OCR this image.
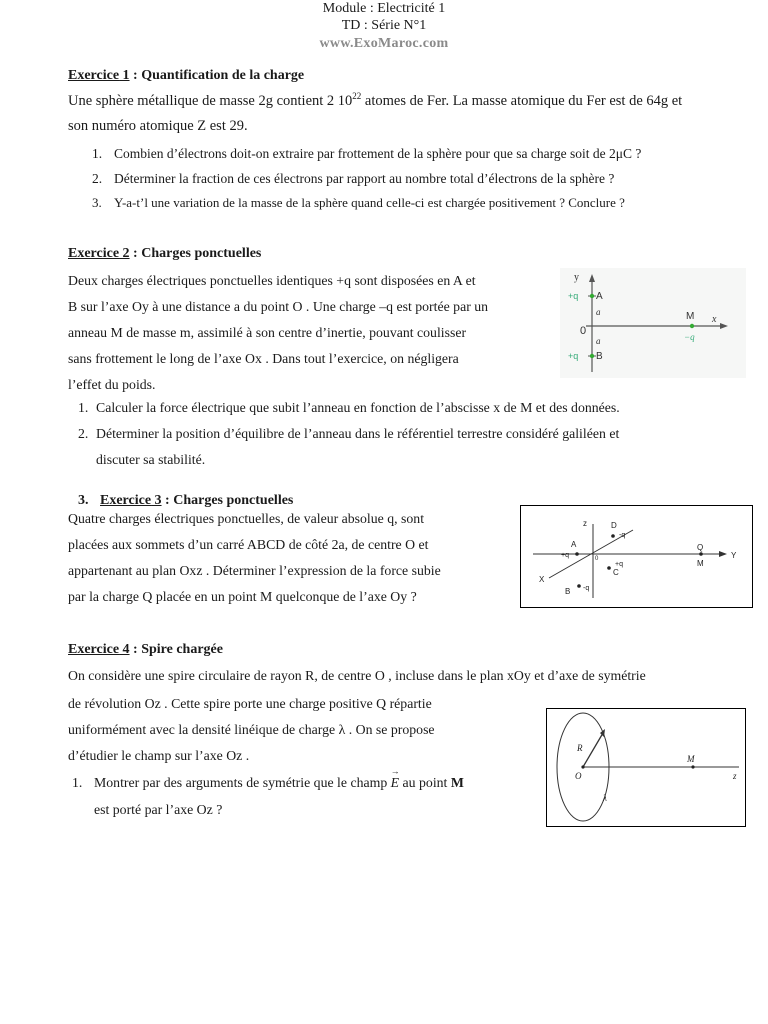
Module : Electricité 1
TD : Série N°1
www.ExoMaroc.com
Exercice 1 : Quantification de la charge
Une sphère métallique de masse 2g contient 2 $10^{22}$ atomes de Fer. La masse atomique du Fer est de 64g et
son numéro atomique Z est 29.
1. Combien d’électrons doit-on extraire par frottement de la sphère pour que sa charge soit de 2μC ?
2. Déterminer la fraction de ces électrons par rapport au nombre total d’électrons de la sphère ?
3. Y-a-t’l une variation de la masse de la sphère quand celle-ci est chargée positivement ? Conclure ?
Exercice 2 : Charges ponctuelles
Deux charges électriques ponctuelles identiques +q sont disposées en A et
B sur l’axe Oy à une distance a du point O . Une charge –q est portée par un
anneau M de masse m, assimilé à son centre d’inertie, pouvant coulisser
sans frottement le long de l’axe Ox . Dans tout l’exercice, on négligera
l’effet du poids.
y
x
+q A
a
0
a
+q B
M
−q
1. Calculer la force électrique que subit l’anneau en fonction de l’abscisse x de M et des données.
2. Déterminer la position d’équilibre de l’anneau dans le référentiel terrestre considéré galiléen et
discuter sa stabilité.
3. Exercice 3 : Charges ponctuelles
Quatre charges électriques ponctuelles, de valeur absolue q, sont
placées aux sommets d’un carré ABCD de côté 2a, de centre O et
appartenant au plan Oxz . Déterminer l’expression de la force subie
par la charge Q placée en un point M quelconque de l’axe Oy ?
z	D
-q
A
+q	0
+q
C
Q
Y
M
X
B -q
Exercice 4 : Spire chargée
On considère une spire circulaire de rayon R, de centre O , incluse dans le plan xOy et d’axe de symétrie
de révolution Oz . Cette spire porte une charge positive Q répartie
uniformément avec la densité linéique de charge λ . On se propose
d’étudier le champ sur l’axe Oz .
1. Montrer par des arguments de symétrie que le champ
→
E au point M
est porté par l’axe Oz ?
R
O
M
z
λ
